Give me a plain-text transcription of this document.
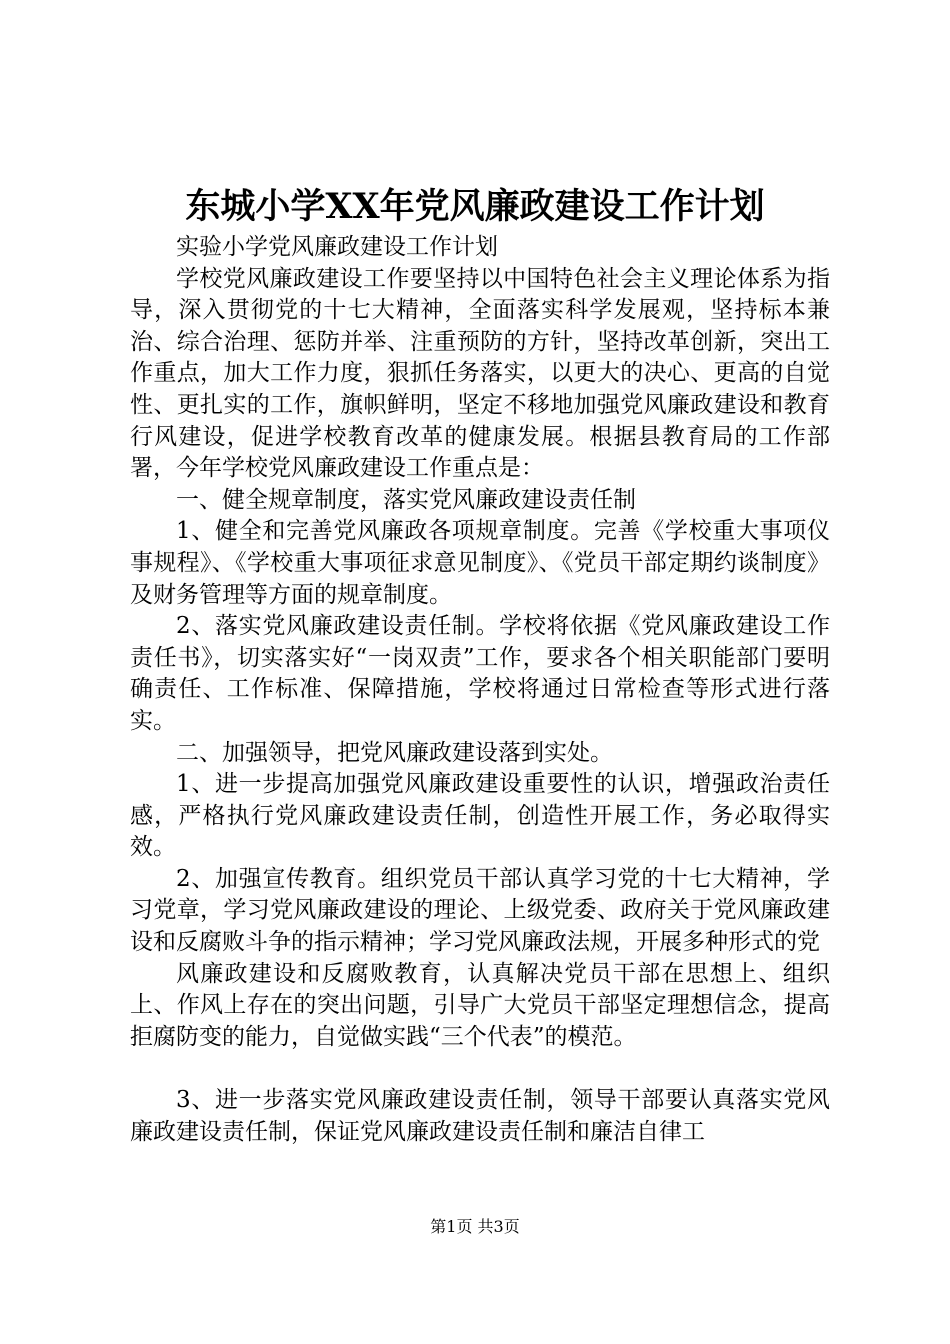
东城小学XX年党风廉政建设工作计划

实验小学党风廉政建设工作计划

学校党风廉政建设工作要坚持以中国特色社会主义理论体系为指导，深入贯彻党的十七大精神，全面落实科学发展观，坚持标本兼治、综合治理、惩防并举、注重预防的方针，坚持改革创新，突出工作重点，加大工作力度，狠抓任务落实，以更大的决心、更高的自觉性、更扎实的工作，旗帜鲜明，坚定不移地加强党风廉政建设和教育行风建设，促进学校教育改革的健康发展。根据县教育局的工作部署，今年学校党风廉政建设工作重点是：

一、健全规章制度，落实党风廉政建设责任制

1、健全和完善党风廉政各项规章制度。完善《学校重大事项仪事规程》、《学校重大事项征求意见制度》、《党员干部定期约谈制度》及财务管理等方面的规章制度。

2、落实党风廉政建设责任制。学校将依据《党风廉政建设工作责任书》，切实落实好“一岗双责”工作，要求各个相关职能部门要明确责任、工作标准、保障措施，学校将通过日常检查等形式进行落实。

二、加强领导，把党风廉政建设落到实处。

1、进一步提高加强党风廉政建设重要性的认识，增强政治责任感，严格执行党风廉政建设责任制，创造性开展工作，务必取得实效。

2、加强宣传教育。组织党员干部认真学习党的十七大精神，学习党章，学习党风廉政建设的理论、上级党委、政府关于党风廉政建设和反腐败斗争的指示精神；学习党风廉政法规，开展多种形式的党

风廉政建设和反腐败教育，认真解决党员干部在思想上、组织上、作风上存在的突出问题，引导广大党员干部坚定理想信念，提高拒腐防变的能力，自觉做实践“三个代表”的模范。

3、进一步落实党风廉政建设责任制，领导干部要认真落实党风廉政建设责任制，保证党风廉政建设责任制和廉洁自律工

第1页 共3页
